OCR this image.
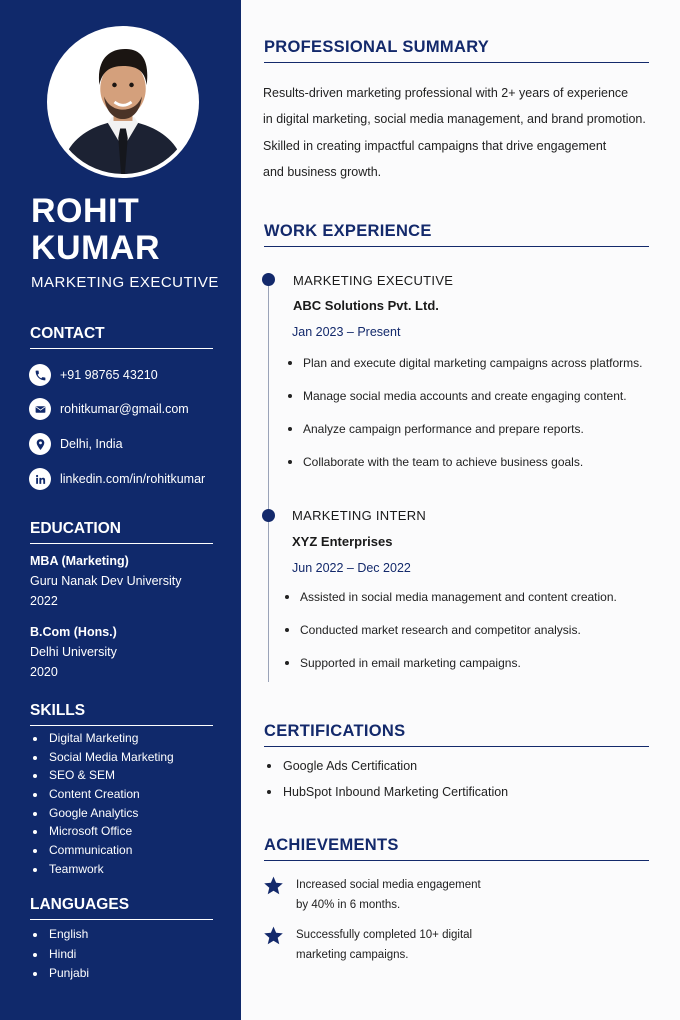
ROHIT
KUMAR
MARKETING EXECUTIVE
CONTACT
+91 98765 43210
rohitkumar@gmail.com
Delhi, India
linkedin.com/in/rohitkumar
EDUCATION
MBA (Marketing)
Guru Nanak Dev University
2022
B.Com (Hons.)
Delhi University
2020
SKILLS
Digital Marketing
Social Media Marketing
SEO & SEM
Content Creation
Google Analytics
Microsoft Office
Communication
Teamwork
LANGUAGES
English
Hindi
Punjabi
PROFESSIONAL SUMMARY
Results-driven marketing professional with 2+ years of experience
in digital marketing, social media management, and brand promotion.
Skilled in creating impactful campaigns that drive engagement
and business growth.
WORK EXPERIENCE
MARKETING EXECUTIVE
ABC Solutions Pvt. Ltd.
Jan 2023 – Present
Plan and execute digital marketing campaigns across platforms.
Manage social media accounts and create engaging content.
Analyze campaign performance and prepare reports.
Collaborate with the team to achieve business goals.
MARKETING INTERN
XYZ Enterprises
Jun 2022 – Dec 2022
Assisted in social media management and content creation.
Conducted market research and competitor analysis.
Supported in email marketing campaigns.
CERTIFICATIONS
Google Ads Certification
HubSpot Inbound Marketing Certification
ACHIEVEMENTS
Increased social media engagement
by 40% in 6 months.
Successfully completed 10+ digital
marketing campaigns.
